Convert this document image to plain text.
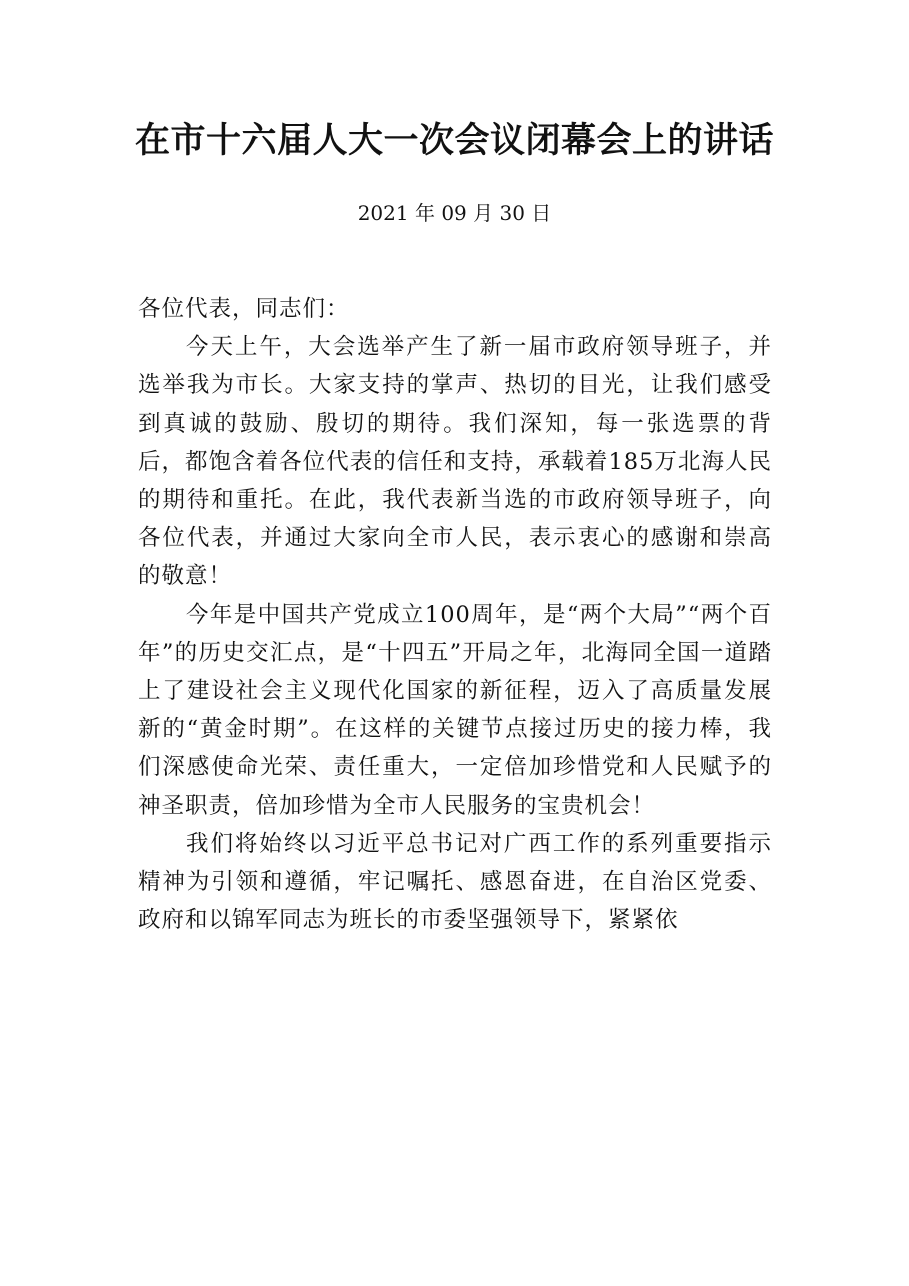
在市十六届人大一次会议闭幕会上的讲话
2021 年 09 月 30 日

各位代表，同志们：

今天上午，大会选举产生了新一届市政府领导班子，并选举我为市长。大家支持的掌声、热切的目光，让我们感受到真诚的鼓励、殷切的期待。我们深知，每一张选票的背后，都饱含着各位代表的信任和支持，承载着185万北海人民的期待和重托。在此，我代表新当选的市政府领导班子，向各位代表，并通过大家向全市人民，表示衷心的感谢和崇高的敬意！

今年是中国共产党成立100周年，是“两个大局”“两个百年”的历史交汇点，是“十四五”开局之年，北海同全国一道踏上了建设社会主义现代化国家的新征程，迈入了高质量发展新的“黄金时期”。在这样的关键节点接过历史的接力棒，我们深感使命光荣、责任重大，一定倍加珍惜党和人民赋予的神圣职责，倍加珍惜为全市人民服务的宝贵机会！

我们将始终以习近平总书记对广西工作的系列重要指示精神为引领和遵循，牢记嘱托、感恩奋进，在自治区党委、政府和以锦军同志为班长的市委坚强领导下，紧紧依
